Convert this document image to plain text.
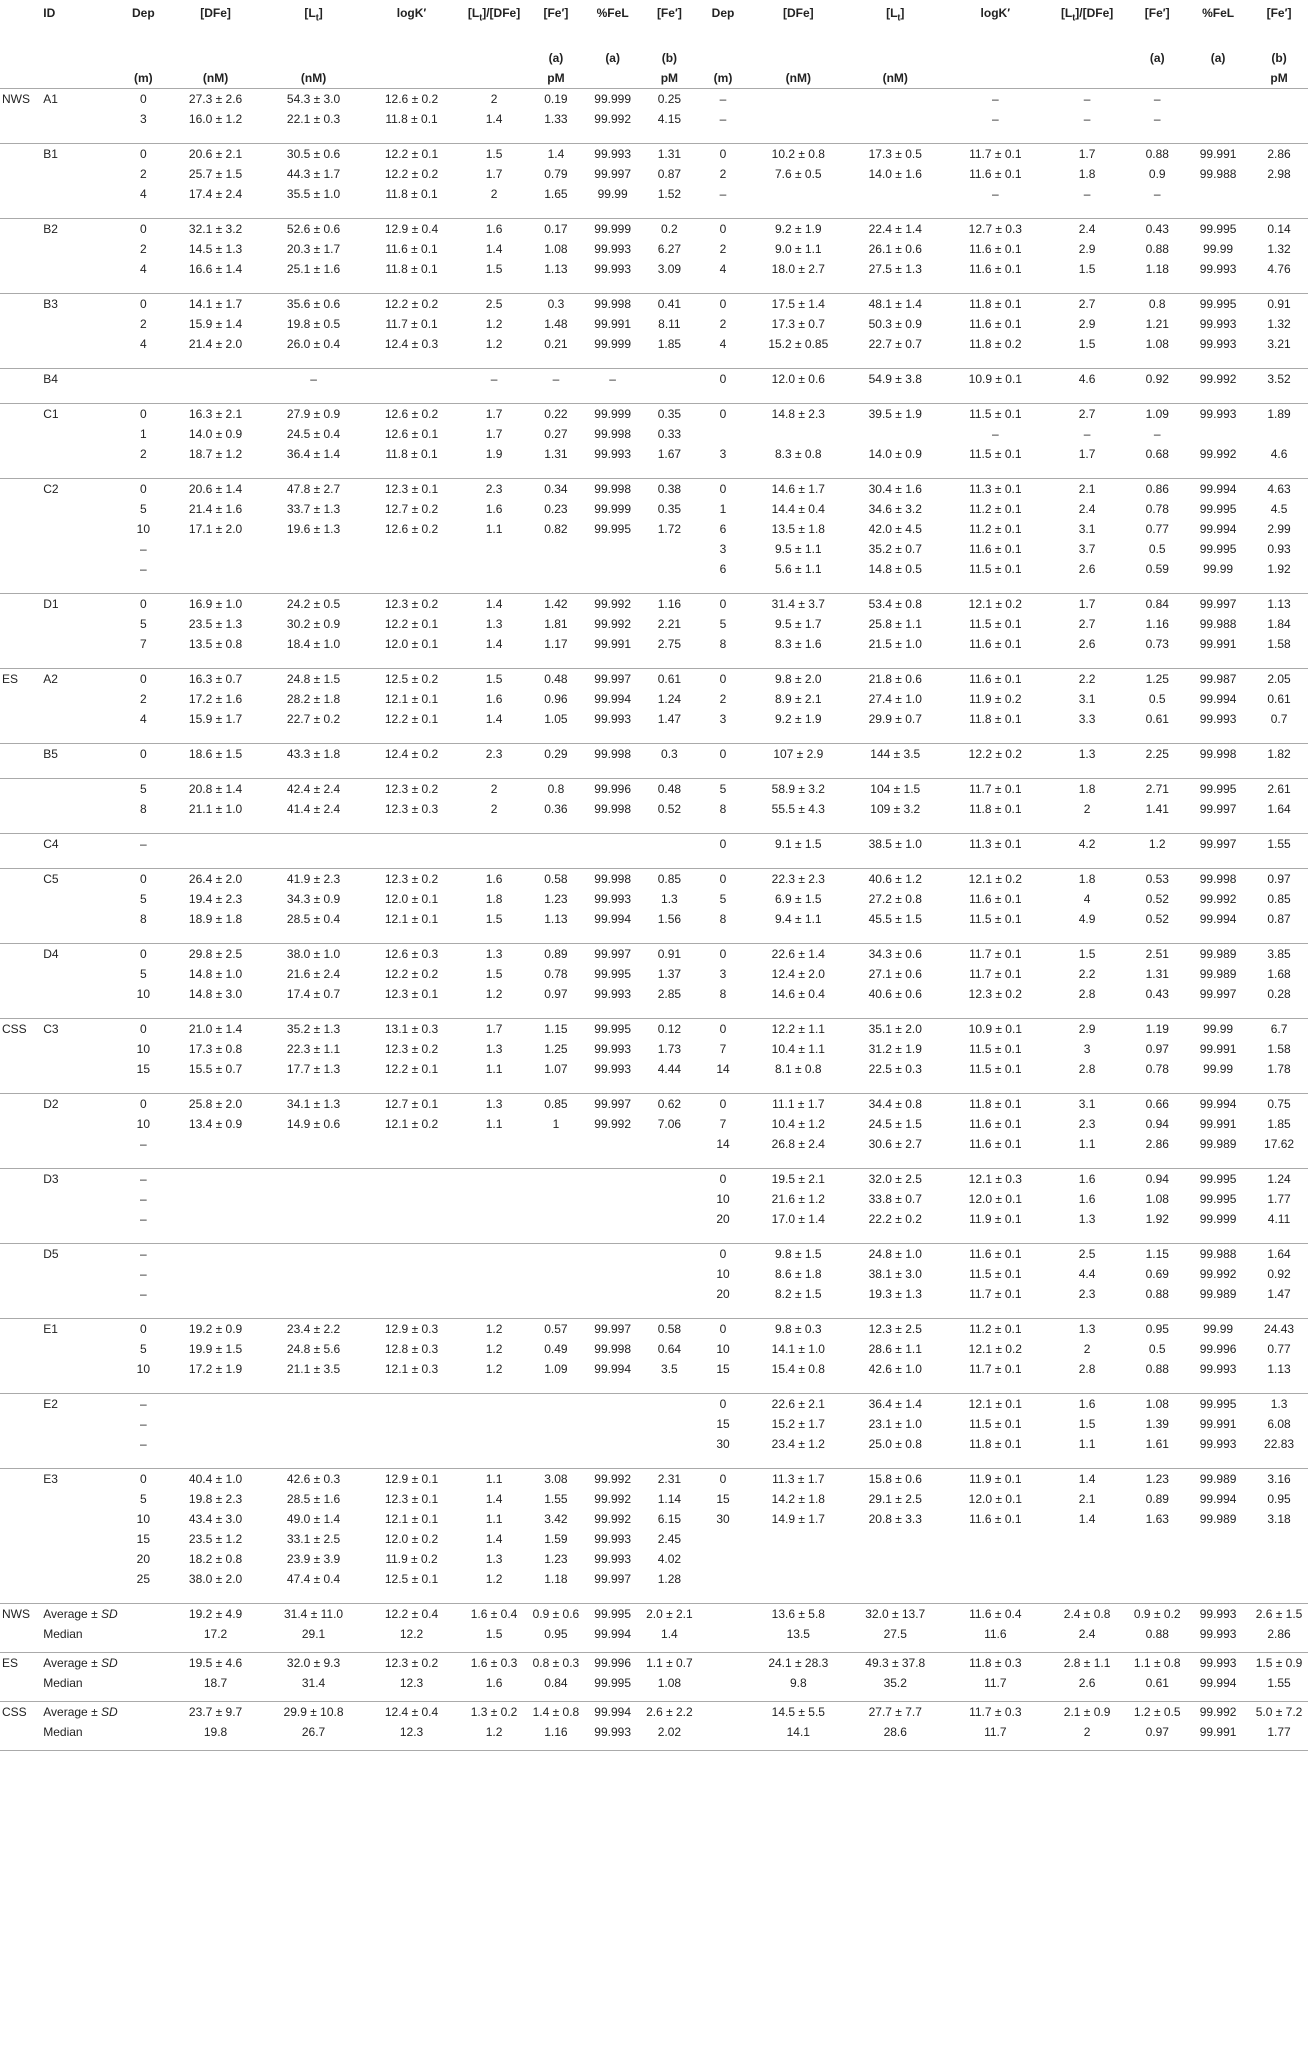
	ID	Dep	[DFe]	$[L_t]$	logK′	$[L_t]/[DFe]$	[Fe′]	%FeL	[Fe′]	Dep	[DFe]	$[L_t]$	logK′	$[L_t]/[DFe]$	[Fe′]	%FeL	[Fe′]
							(a)	(a)	(b)						(a)	(a)	(b)
		(m)	(nM)	(nM)			pM		pM	(m)	(nM)	(nM)					pM
NWS	A1	0	27.3 ± 2.6	54.3 ± 3.0	12.6 ± 0.2	2	0.19	99.999	0.25	–			–	–	–		
		3	16.0 ± 1.2	22.1 ± 0.3	11.8 ± 0.1	1.4	1.33	99.992	4.15	–			–	–	–		

	B1	0	20.6 ± 2.1	30.5 ± 0.6	12.2 ± 0.1	1.5	1.4	99.993	1.31	0	10.2 ± 0.8	17.3 ± 0.5	11.7 ± 0.1	1.7	0.88	99.991	2.86
		2	25.7 ± 1.5	44.3 ± 1.7	12.2 ± 0.2	1.7	0.79	99.997	0.87	2	7.6 ± 0.5	14.0 ± 1.6	11.6 ± 0.1	1.8	0.9	99.988	2.98
		4	17.4 ± 2.4	35.5 ± 1.0	11.8 ± 0.1	2	1.65	99.99	1.52	–			–	–	–		

	B2	0	32.1 ± 3.2	52.6 ± 0.6	12.9 ± 0.4	1.6	0.17	99.999	0.2	0	9.2 ± 1.9	22.4 ± 1.4	12.7 ± 0.3	2.4	0.43	99.995	0.14
		2	14.5 ± 1.3	20.3 ± 1.7	11.6 ± 0.1	1.4	1.08	99.993	6.27	2	9.0 ± 1.1	26.1 ± 0.6	11.6 ± 0.1	2.9	0.88	99.99	1.32
		4	16.6 ± 1.4	25.1 ± 1.6	11.8 ± 0.1	1.5	1.13	99.993	3.09	4	18.0 ± 2.7	27.5 ± 1.3	11.6 ± 0.1	1.5	1.18	99.993	4.76

	B3	0	14.1 ± 1.7	35.6 ± 0.6	12.2 ± 0.2	2.5	0.3	99.998	0.41	0	17.5 ± 1.4	48.1 ± 1.4	11.8 ± 0.1	2.7	0.8	99.995	0.91
		2	15.9 ± 1.4	19.8 ± 0.5	11.7 ± 0.1	1.2	1.48	99.991	8.11	2	17.3 ± 0.7	50.3 ± 0.9	11.6 ± 0.1	2.9	1.21	99.993	1.32
		4	21.4 ± 2.0	26.0 ± 0.4	12.4 ± 0.3	1.2	0.21	99.999	1.85	4	15.2 ± 0.85	22.7 ± 0.7	11.8 ± 0.2	1.5	1.08	99.993	3.21

	B4			–		–	–	–		0	12.0 ± 0.6	54.9 ± 3.8	10.9 ± 0.1	4.6	0.92	99.992	3.52

	C1	0	16.3 ± 2.1	27.9 ± 0.9	12.6 ± 0.2	1.7	0.22	99.999	0.35	0	14.8 ± 2.3	39.5 ± 1.9	11.5 ± 0.1	2.7	1.09	99.993	1.89
		1	14.0 ± 0.9	24.5 ± 0.4	12.6 ± 0.1	1.7	0.27	99.998	0.33				–	–	–		
		2	18.7 ± 1.2	36.4 ± 1.4	11.8 ± 0.1	1.9	1.31	99.993	1.67	3	8.3 ± 0.8	14.0 ± 0.9	11.5 ± 0.1	1.7	0.68	99.992	4.6

	C2	0	20.6 ± 1.4	47.8 ± 2.7	12.3 ± 0.1	2.3	0.34	99.998	0.38	0	14.6 ± 1.7	30.4 ± 1.6	11.3 ± 0.1	2.1	0.86	99.994	4.63
		5	21.4 ± 1.6	33.7 ± 1.3	12.7 ± 0.2	1.6	0.23	99.999	0.35	1	14.4 ± 0.4	34.6 ± 3.2	11.2 ± 0.1	2.4	0.78	99.995	4.5
		10	17.1 ± 2.0	19.6 ± 1.3	12.6 ± 0.2	1.1	0.82	99.995	1.72	6	13.5 ± 1.8	42.0 ± 4.5	11.2 ± 0.1	3.1	0.77	99.994	2.99
		–								3	9.5 ± 1.1	35.2 ± 0.7	11.6 ± 0.1	3.7	0.5	99.995	0.93
		–								6	5.6 ± 1.1	14.8 ± 0.5	11.5 ± 0.1	2.6	0.59	99.99	1.92

	D1	0	16.9 ± 1.0	24.2 ± 0.5	12.3 ± 0.2	1.4	1.42	99.992	1.16	0	31.4 ± 3.7	53.4 ± 0.8	12.1 ± 0.2	1.7	0.84	99.997	1.13
		5	23.5 ± 1.3	30.2 ± 0.9	12.2 ± 0.1	1.3	1.81	99.992	2.21	5	9.5 ± 1.7	25.8 ± 1.1	11.5 ± 0.1	2.7	1.16	99.988	1.84
		7	13.5 ± 0.8	18.4 ± 1.0	12.0 ± 0.1	1.4	1.17	99.991	2.75	8	8.3 ± 1.6	21.5 ± 1.0	11.6 ± 0.1	2.6	0.73	99.991	1.58

ES	A2	0	16.3 ± 0.7	24.8 ± 1.5	12.5 ± 0.2	1.5	0.48	99.997	0.61	0	9.8 ± 2.0	21.8 ± 0.6	11.6 ± 0.1	2.2	1.25	99.987	2.05
		2	17.2 ± 1.6	28.2 ± 1.8	12.1 ± 0.1	1.6	0.96	99.994	1.24	2	8.9 ± 2.1	27.4 ± 1.0	11.9 ± 0.2	3.1	0.5	99.994	0.61
		4	15.9 ± 1.7	22.7 ± 0.2	12.2 ± 0.1	1.4	1.05	99.993	1.47	3	9.2 ± 1.9	29.9 ± 0.7	11.8 ± 0.1	3.3	0.61	99.993	0.7

	B5	0	18.6 ± 1.5	43.3 ± 1.8	12.4 ± 0.2	2.3	0.29	99.998	0.3	0	107 ± 2.9	144 ± 3.5	12.2 ± 0.2	1.3	2.25	99.998	1.82

		5	20.8 ± 1.4	42.4 ± 2.4	12.3 ± 0.2	2	0.8	99.996	0.48	5	58.9 ± 3.2	104 ± 1.5	11.7 ± 0.1	1.8	2.71	99.995	2.61
		8	21.1 ± 1.0	41.4 ± 2.4	12.3 ± 0.3	2	0.36	99.998	0.52	8	55.5 ± 4.3	109 ± 3.2	11.8 ± 0.1	2	1.41	99.997	1.64

	C4	–								0	9.1 ± 1.5	38.5 ± 1.0	11.3 ± 0.1	4.2	1.2	99.997	1.55

	C5	0	26.4 ± 2.0	41.9 ± 2.3	12.3 ± 0.2	1.6	0.58	99.998	0.85	0	22.3 ± 2.3	40.6 ± 1.2	12.1 ± 0.2	1.8	0.53	99.998	0.97
		5	19.4 ± 2.3	34.3 ± 0.9	12.0 ± 0.1	1.8	1.23	99.993	1.3	5	6.9 ± 1.5	27.2 ± 0.8	11.6 ± 0.1	4	0.52	99.992	0.85
		8	18.9 ± 1.8	28.5 ± 0.4	12.1 ± 0.1	1.5	1.13	99.994	1.56	8	9.4 ± 1.1	45.5 ± 1.5	11.5 ± 0.1	4.9	0.52	99.994	0.87

	D4	0	29.8 ± 2.5	38.0 ± 1.0	12.6 ± 0.3	1.3	0.89	99.997	0.91	0	22.6 ± 1.4	34.3 ± 0.6	11.7 ± 0.1	1.5	2.51	99.989	3.85
		5	14.8 ± 1.0	21.6 ± 2.4	12.2 ± 0.2	1.5	0.78	99.995	1.37	3	12.4 ± 2.0	27.1 ± 0.6	11.7 ± 0.1	2.2	1.31	99.989	1.68
		10	14.8 ± 3.0	17.4 ± 0.7	12.3 ± 0.1	1.2	0.97	99.993	2.85	8	14.6 ± 0.4	40.6 ± 0.6	12.3 ± 0.2	2.8	0.43	99.997	0.28

CSS	C3	0	21.0 ± 1.4	35.2 ± 1.3	13.1 ± 0.3	1.7	1.15	99.995	0.12	0	12.2 ± 1.1	35.1 ± 2.0	10.9 ± 0.1	2.9	1.19	99.99	6.7
		10	17.3 ± 0.8	22.3 ± 1.1	12.3 ± 0.2	1.3	1.25	99.993	1.73	7	10.4 ± 1.1	31.2 ± 1.9	11.5 ± 0.1	3	0.97	99.991	1.58
		15	15.5 ± 0.7	17.7 ± 1.3	12.2 ± 0.1	1.1	1.07	99.993	4.44	14	8.1 ± 0.8	22.5 ± 0.3	11.5 ± 0.1	2.8	0.78	99.99	1.78

	D2	0	25.8 ± 2.0	34.1 ± 1.3	12.7 ± 0.1	1.3	0.85	99.997	0.62	0	11.1 ± 1.7	34.4 ± 0.8	11.8 ± 0.1	3.1	0.66	99.994	0.75
		10	13.4 ± 0.9	14.9 ± 0.6	12.1 ± 0.2	1.1	1	99.992	7.06	7	10.4 ± 1.2	24.5 ± 1.5	11.6 ± 0.1	2.3	0.94	99.991	1.85
		–								14	26.8 ± 2.4	30.6 ± 2.7	11.6 ± 0.1	1.1	2.86	99.989	17.62

	D3	–								0	19.5 ± 2.1	32.0 ± 2.5	12.1 ± 0.3	1.6	0.94	99.995	1.24
		–								10	21.6 ± 1.2	33.8 ± 0.7	12.0 ± 0.1	1.6	1.08	99.995	1.77
		–								20	17.0 ± 1.4	22.2 ± 0.2	11.9 ± 0.1	1.3	1.92	99.999	4.11

	D5	–								0	9.8 ± 1.5	24.8 ± 1.0	11.6 ± 0.1	2.5	1.15	99.988	1.64
		–								10	8.6 ± 1.8	38.1 ± 3.0	11.5 ± 0.1	4.4	0.69	99.992	0.92
		–								20	8.2 ± 1.5	19.3 ± 1.3	11.7 ± 0.1	2.3	0.88	99.989	1.47

	E1	0	19.2 ± 0.9	23.4 ± 2.2	12.9 ± 0.3	1.2	0.57	99.997	0.58	0	9.8 ± 0.3	12.3 ± 2.5	11.2 ± 0.1	1.3	0.95	99.99	24.43
		5	19.9 ± 1.5	24.8 ± 5.6	12.8 ± 0.3	1.2	0.49	99.998	0.64	10	14.1 ± 1.0	28.6 ± 1.1	12.1 ± 0.2	2	0.5	99.996	0.77
		10	17.2 ± 1.9	21.1 ± 3.5	12.1 ± 0.3	1.2	1.09	99.994	3.5	15	15.4 ± 0.8	42.6 ± 1.0	11.7 ± 0.1	2.8	0.88	99.993	1.13

	E2	–								0	22.6 ± 2.1	36.4 ± 1.4	12.1 ± 0.1	1.6	1.08	99.995	1.3
		–								15	15.2 ± 1.7	23.1 ± 1.0	11.5 ± 0.1	1.5	1.39	99.991	6.08
		–								30	23.4 ± 1.2	25.0 ± 0.8	11.8 ± 0.1	1.1	1.61	99.993	22.83

	E3	0	40.4 ± 1.0	42.6 ± 0.3	12.9 ± 0.1	1.1	3.08	99.992	2.31	0	11.3 ± 1.7	15.8 ± 0.6	11.9 ± 0.1	1.4	1.23	99.989	3.16
		5	19.8 ± 2.3	28.5 ± 1.6	12.3 ± 0.1	1.4	1.55	99.992	1.14	15	14.2 ± 1.8	29.1 ± 2.5	12.0 ± 0.1	2.1	0.89	99.994	0.95
		10	43.4 ± 3.0	49.0 ± 1.4	12.1 ± 0.1	1.1	3.42	99.992	6.15	30	14.9 ± 1.7	20.8 ± 3.3	11.6 ± 0.1	1.4	1.63	99.989	3.18
		15	23.5 ± 1.2	33.1 ± 2.5	12.0 ± 0.2	1.4	1.59	99.993	2.45								
		20	18.2 ± 0.8	23.9 ± 3.9	11.9 ± 0.2	1.3	1.23	99.993	4.02								
		25	38.0 ± 2.0	47.4 ± 0.4	12.5 ± 0.1	1.2	1.18	99.997	1.28								

NWS	Average ± SD		19.2 ± 4.9	31.4 ± 11.0	12.2 ± 0.4	1.6 ± 0.4	0.9 ± 0.6	99.995	2.0 ± 2.1		13.6 ± 5.8	32.0 ± 13.7	11.6 ± 0.4	2.4 ± 0.8	0.9 ± 0.2	99.993	2.6 ± 1.5
	Median		17.2	29.1	12.2	1.5	0.95	99.994	1.4		13.5	27.5	11.6	2.4	0.88	99.993	2.86

ES	Average ± SD		19.5 ± 4.6	32.0 ± 9.3	12.3 ± 0.2	1.6 ± 0.3	0.8 ± 0.3	99.996	1.1 ± 0.7		24.1 ± 28.3	49.3 ± 37.8	11.8 ± 0.3	2.8 ± 1.1	1.1 ± 0.8	99.993	1.5 ± 0.9
	Median		18.7	31.4	12.3	1.6	0.84	99.995	1.08		9.8	35.2	11.7	2.6	0.61	99.994	1.55

CSS	Average ± SD		23.7 ± 9.7	29.9 ± 10.8	12.4 ± 0.4	1.3 ± 0.2	1.4 ± 0.8	99.994	2.6 ± 2.2		14.5 ± 5.5	27.7 ± 7.7	11.7 ± 0.3	2.1 ± 0.9	1.2 ± 0.5	99.992	5.0 ± 7.2
	Median		19.8	26.7	12.3	1.2	1.16	99.993	2.02		14.1	28.6	11.7	2	0.97	99.991	1.77
